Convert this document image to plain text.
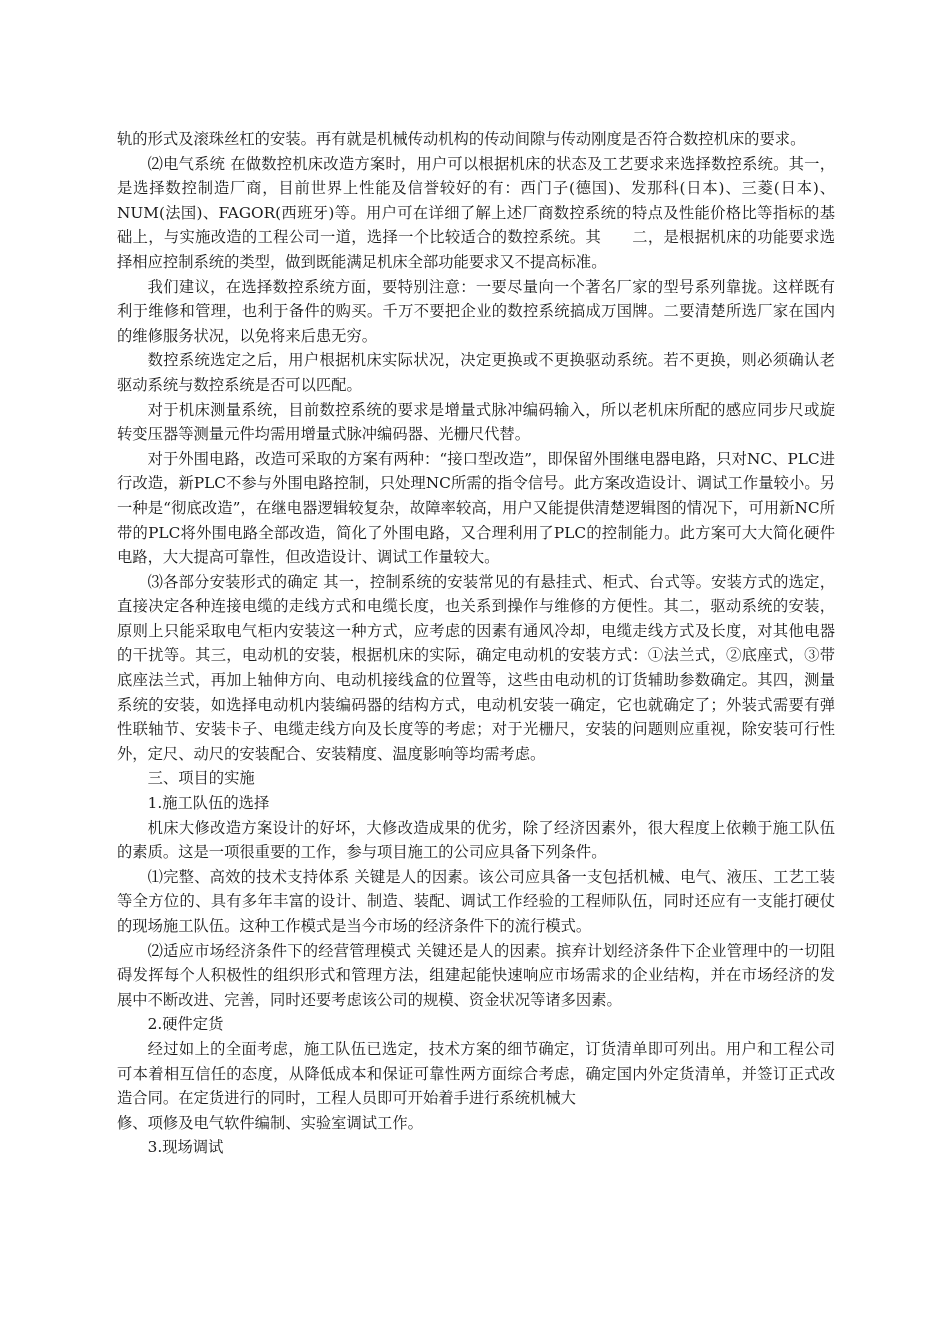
轨的形式及滚珠丝杠的安装。再有就是机械传动机构的传动间隙与传动刚度是否符合数控机床的要求。

⑵电气系统 在做数控机床改造方案时，用户可以根据机床的状态及工艺要求来选择数控系统。其一，是选择数控制造厂商，目前世界上性能及信誉较好的有：西门子(德国)、发那科(日本)、三菱(日本)、NUM(法国)、FAGOR(西班牙)等。用户可在详细了解上述厂商数控系统的特点及性能价格比等指标的基础上，与实施改造的工程公司一道，选择一个比较适合的数控系统。其　　二，是根据机床的功能要求选择相应控制系统的类型，做到既能满足机床全部功能要求又不提高标准。

我们建议，在选择数控系统方面，要特别注意：一要尽量向一个著名厂家的型号系列靠拢。这样既有利于维修和管理，也利于备件的购买。千万不要把企业的数控系统搞成万国牌。二要清楚所选厂家在国内的维修服务状况，以免将来后患无穷。

数控系统选定之后，用户根据机床实际状况，决定更换或不更换驱动系统。若不更换，则必须确认老驱动系统与数控系统是否可以匹配。

对于机床测量系统，目前数控系统的要求是增量式脉冲编码输入，所以老机床所配的感应同步尺或旋转变压器等测量元件均需用增量式脉冲编码器、光栅尺代替。

对于外围电路，改造可采取的方案有两种：“接口型改造”，即保留外围继电器电路，只对NC、PLC进行改造，新PLC不参与外围电路控制，只处理NC所需的指令信号。此方案改造设计、调试工作量较小。另一种是“彻底改造”，在继电器逻辑较复杂，故障率较高，用户又能提供清楚逻辑图的情况下，可用新NC所带的PLC将外围电路全部改造，简化了外围电路，又合理利用了PLC的控制能力。此方案可大大简化硬件电路，大大提高可靠性，但改造设计、调试工作量较大。

⑶各部分安装形式的确定 其一，控制系统的安装常见的有悬挂式、柜式、台式等。安装方式的选定，直接决定各种连接电缆的走线方式和电缆长度，也关系到操作与维修的方便性。其二，驱动系统的安装，原则上只能采取电气柜内安装这一种方式，应考虑的因素有通风冷却，电缆走线方式及长度，对其他电器的干扰等。其三，电动机的安装，根据机床的实际，确定电动机的安装方式：①法兰式，②底座式，③带底座法兰式，再加上轴伸方向、电动机接线盒的位置等，这些由电动机的订货辅助参数确定。其四，测量系统的安装，如选择电动机内装编码器的结构方式，电动机安装一确定，它也就确定了；外装式需要有弹性联轴节、安装卡子、电缆走线方向及长度等的考虑；对于光栅尺，安装的问题则应重视，除安装可行性外，定尺、动尺的安装配合、安装精度、温度影响等均需考虑。

三、项目的实施

1.施工队伍的选择

机床大修改造方案设计的好坏，大修改造成果的优劣，除了经济因素外，很大程度上依赖于施工队伍的素质。这是一项很重要的工作，参与项目施工的公司应具备下列条件。

⑴完整、高效的技术支持体系 关键是人的因素。该公司应具备一支包括机械、电气、液压、工艺工装等全方位的、具有多年丰富的设计、制造、装配、调试工作经验的工程师队伍，同时还应有一支能打硬仗的现场施工队伍。这种工作模式是当今市场的经济条件下的流行模式。

⑵适应市场经济条件下的经营管理模式 关键还是人的因素。摈弃计划经济条件下企业管理中的一切阻碍发挥每个人积极性的组织形式和管理方法，组建起能快速响应市场需求的企业结构，并在市场经济的发展中不断改进、完善，同时还要考虑该公司的规模、资金状况等诸多因素。

2.硬件定货

经过如上的全面考虑，施工队伍已选定，技术方案的细节确定，订货清单即可列出。用户和工程公司可本着相互信任的态度，从降低成本和保证可靠性两方面综合考虑，确定国内外定货清单，并签订正式改造合同。在定货进行的同时，工程人员即可开始着手进行系统机械大

修、项修及电气软件编制、实验室调试工作。

3.现场调试
